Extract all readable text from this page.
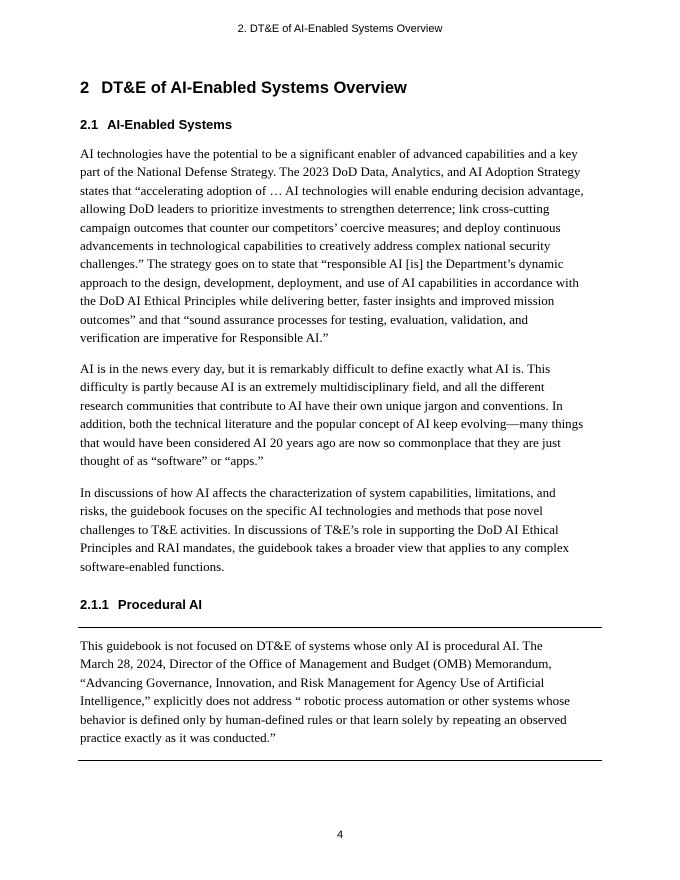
2. DT&E of AI-Enabled Systems Overview
2 DT&E of AI-Enabled Systems Overview
2.1 AI-Enabled Systems
AI technologies have the potential to be a significant enabler of advanced capabilities and a key
part of the National Defense Strategy. The 2023 DoD Data, Analytics, and AI Adoption Strategy
states that “accelerating adoption of … AI technologies will enable enduring decision advantage,
allowing DoD leaders to prioritize investments to strengthen deterrence; link cross-cutting
campaign outcomes that counter our competitors’ coercive measures; and deploy continuous
advancements in technological capabilities to creatively address complex national security
challenges.” The strategy goes on to state that “responsible AI [is] the Department’s dynamic
approach to the design, development, deployment, and use of AI capabilities in accordance with
the DoD AI Ethical Principles while delivering better, faster insights and improved mission
outcomes” and that “sound assurance processes for testing, evaluation, validation, and
verification are imperative for Responsible AI.”
AI is in the news every day, but it is remarkably difficult to define exactly what AI is. This
difficulty is partly because AI is an extremely multidisciplinary field, and all the different
research communities that contribute to AI have their own unique jargon and conventions. In
addition, both the technical literature and the popular concept of AI keep evolving—many things
that would have been considered AI 20 years ago are now so commonplace that they are just
thought of as “software” or “apps.”
In discussions of how AI affects the characterization of system capabilities, limitations, and
risks, the guidebook focuses on the specific AI technologies and methods that pose novel
challenges to T&E activities. In discussions of T&E’s role in supporting the DoD AI Ethical
Principles and RAI mandates, the guidebook takes a broader view that applies to any complex
software-enabled functions.
2.1.1 Procedural AI
This guidebook is not focused on DT&E of systems whose only AI is procedural AI. The
March 28, 2024, Director of the Office of Management and Budget (OMB) Memorandum,
“Advancing Governance, Innovation, and Risk Management for Agency Use of Artificial
Intelligence,” explicitly does not address “ robotic process automation or other systems whose
behavior is defined only by human-defined rules or that learn solely by repeating an observed
practice exactly as it was conducted.”
4
